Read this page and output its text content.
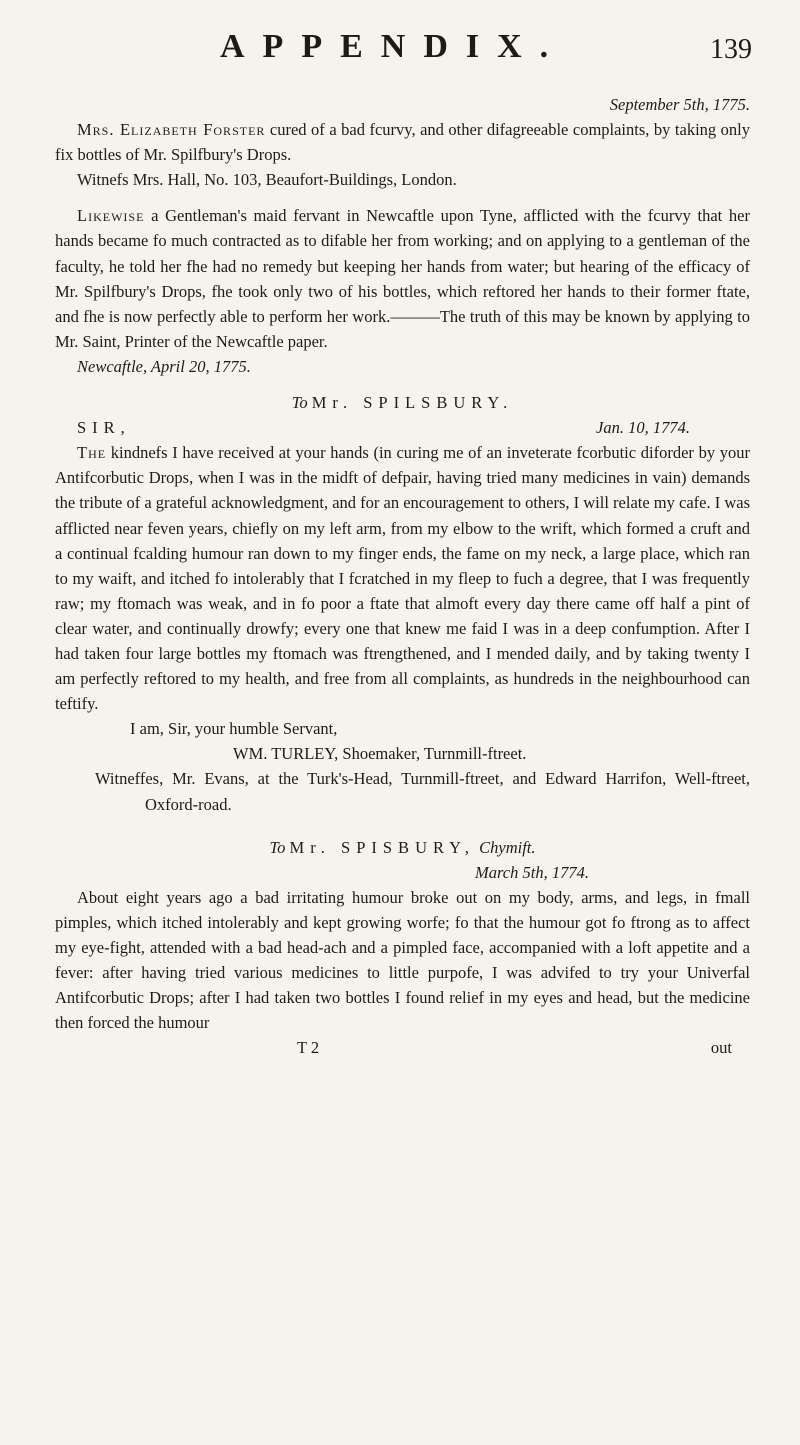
APPENDIX.	139

September 5th, 1775.

Mrs. Elizabeth Forster cured of a bad fcurvy, and other difagreeable complaints, by taking only fix bottles of Mr. Spilfbury's Drops.

Witnefs Mrs. Hall, No. 103, Beaufort-Buildings, London.

Likewise a Gentleman's maid fervant in Newcaftle upon Tyne, afflicted with the fcurvy that her hands became fo much contracted as to difable her from working; and on applying to a gentleman of the faculty, he told her fhe had no remedy but keeping her hands from water; but hearing of the efficacy of Mr. Spilfbury's Drops, fhe took only two of his bottles, which reftored her hands to their former ftate, and fhe is now perfectly able to perform her work.———The truth of this may be known by applying to Mr. Saint, Printer of the Newcaftle paper.

Newcaftle, April 20, 1775.

To Mr. SPILSBURY.

SIR,	Jan. 10, 1774.

The kindnefs I have received at your hands (in curing me of an inveterate fcorbutic diforder by your Antifcorbutic Drops, when I was in the midft of defpair, having tried many medicines in vain) demands the tribute of a grateful acknowledgment, and for an encouragement to others, I will relate my cafe. I was afflicted near feven years, chiefly on my left arm, from my elbow to the wrift, which formed a cruft and a continual fcalding humour ran down to my finger ends, the fame on my neck, a large place, which ran to my waift, and itched fo intolerably that I fcratched in my fleep to fuch a degree, that I was frequently raw; my ftomach was weak, and in fo poor a ftate that almoft every day there came off half a pint of clear water, and continually drowfy; every one that knew me faid I was in a deep confumption. After I had taken four large bottles my ftomach was ftrengthened, and I mended daily, and by taking twenty I am perfectly reftored to my health, and free from all complaints, as hundreds in the neighbourhood can teftify.

I am, Sir, your humble Servant,

WM. TURLEY, Shoemaker, Turnmill-ftreet.

Witneffes, Mr. Evans, at the Turk's-Head, Turnmill-ftreet, and Edward Harrifon, Well-ftreet, Oxford-road.

To Mr. SPISBURY, Chymift.

March 5th, 1774.

About eight years ago a bad irritating humour broke out on my body, arms, and legs, in fmall pimples, which itched intolerably and kept growing worfe; fo that the humour got fo ftrong as to affect my eye-fight, attended with a bad head-ach and a pimpled face, accompanied with a loft appetite and a fever: after having tried various medicines to little purpofe, I was advifed to try your Univerfal Antifcorbutic Drops; after I had taken two bottles I found relief in my eyes and head, but the medicine then forced the humour

T 2	out
